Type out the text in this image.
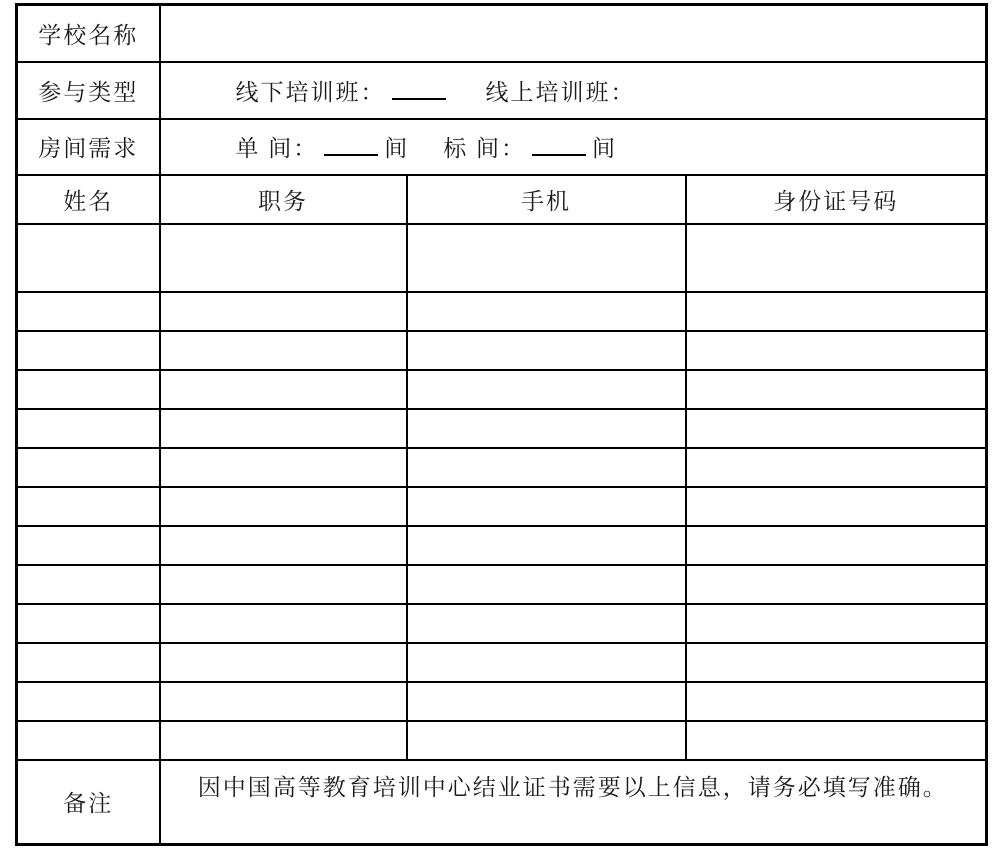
学校名称			
参与类型	线下培训班： 线上培训班：		
房间需求	单 间： 间 标 间： 间		
姓名	职务	手机	身份证号码

备注	因中国高等教育培训中心结业证书需要以上信息，请务必填写准确。		
